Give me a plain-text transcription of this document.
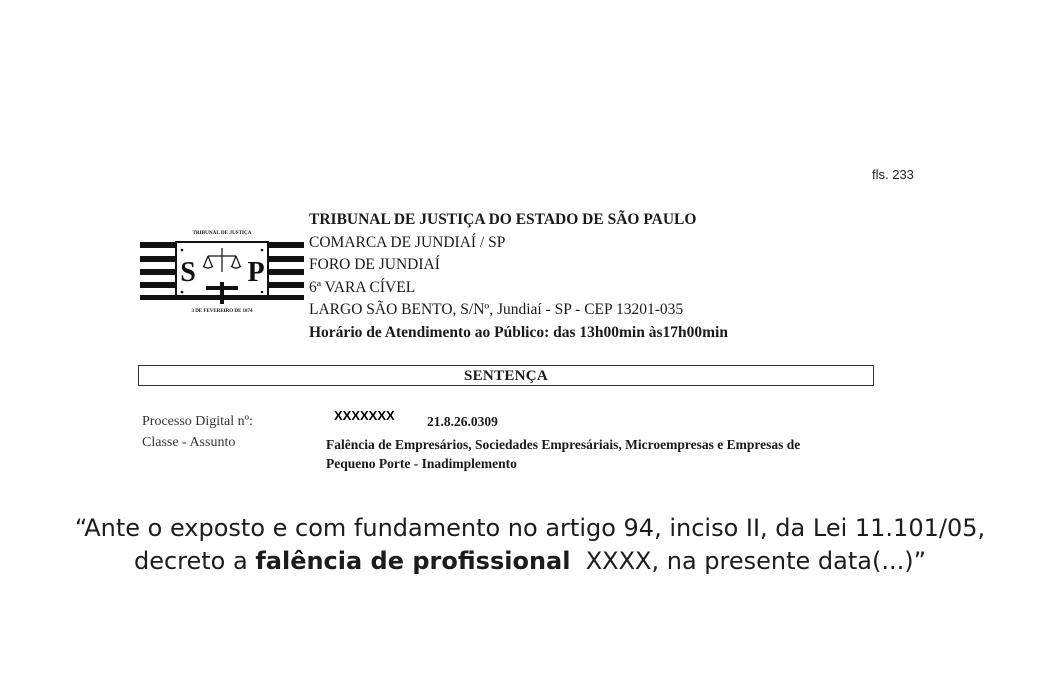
fls. 233
TRIBUNAL DE JUSTIÇA
S P
3 DE FEVEREIRO DE 1874
TRIBUNAL DE JUSTIÇA DO ESTADO DE SÃO PAULO
COMARCA DE JUNDIAÍ / SP
FORO DE JUNDIAÍ
6ª VARA CÍVEL
LARGO SÃO BENTO, S/Nº, Jundiaí - SP - CEP 13201-035
Horário de Atendimento ao Público: das 13h00min às17h00min
SENTENÇA
Processo Digital nº:	XXXXXXX 21.8.26.0309
Classe - Assunto	Falência de Empresários, Sociedades Empresáriais, Microempresas e Empresas de Pequeno Porte - Inadimplemento
“Ante o exposto e com fundamento no artigo 94, inciso II, da Lei 11.101/05,
decreto a falência de profissional  XXXX, na presente data(...)”
